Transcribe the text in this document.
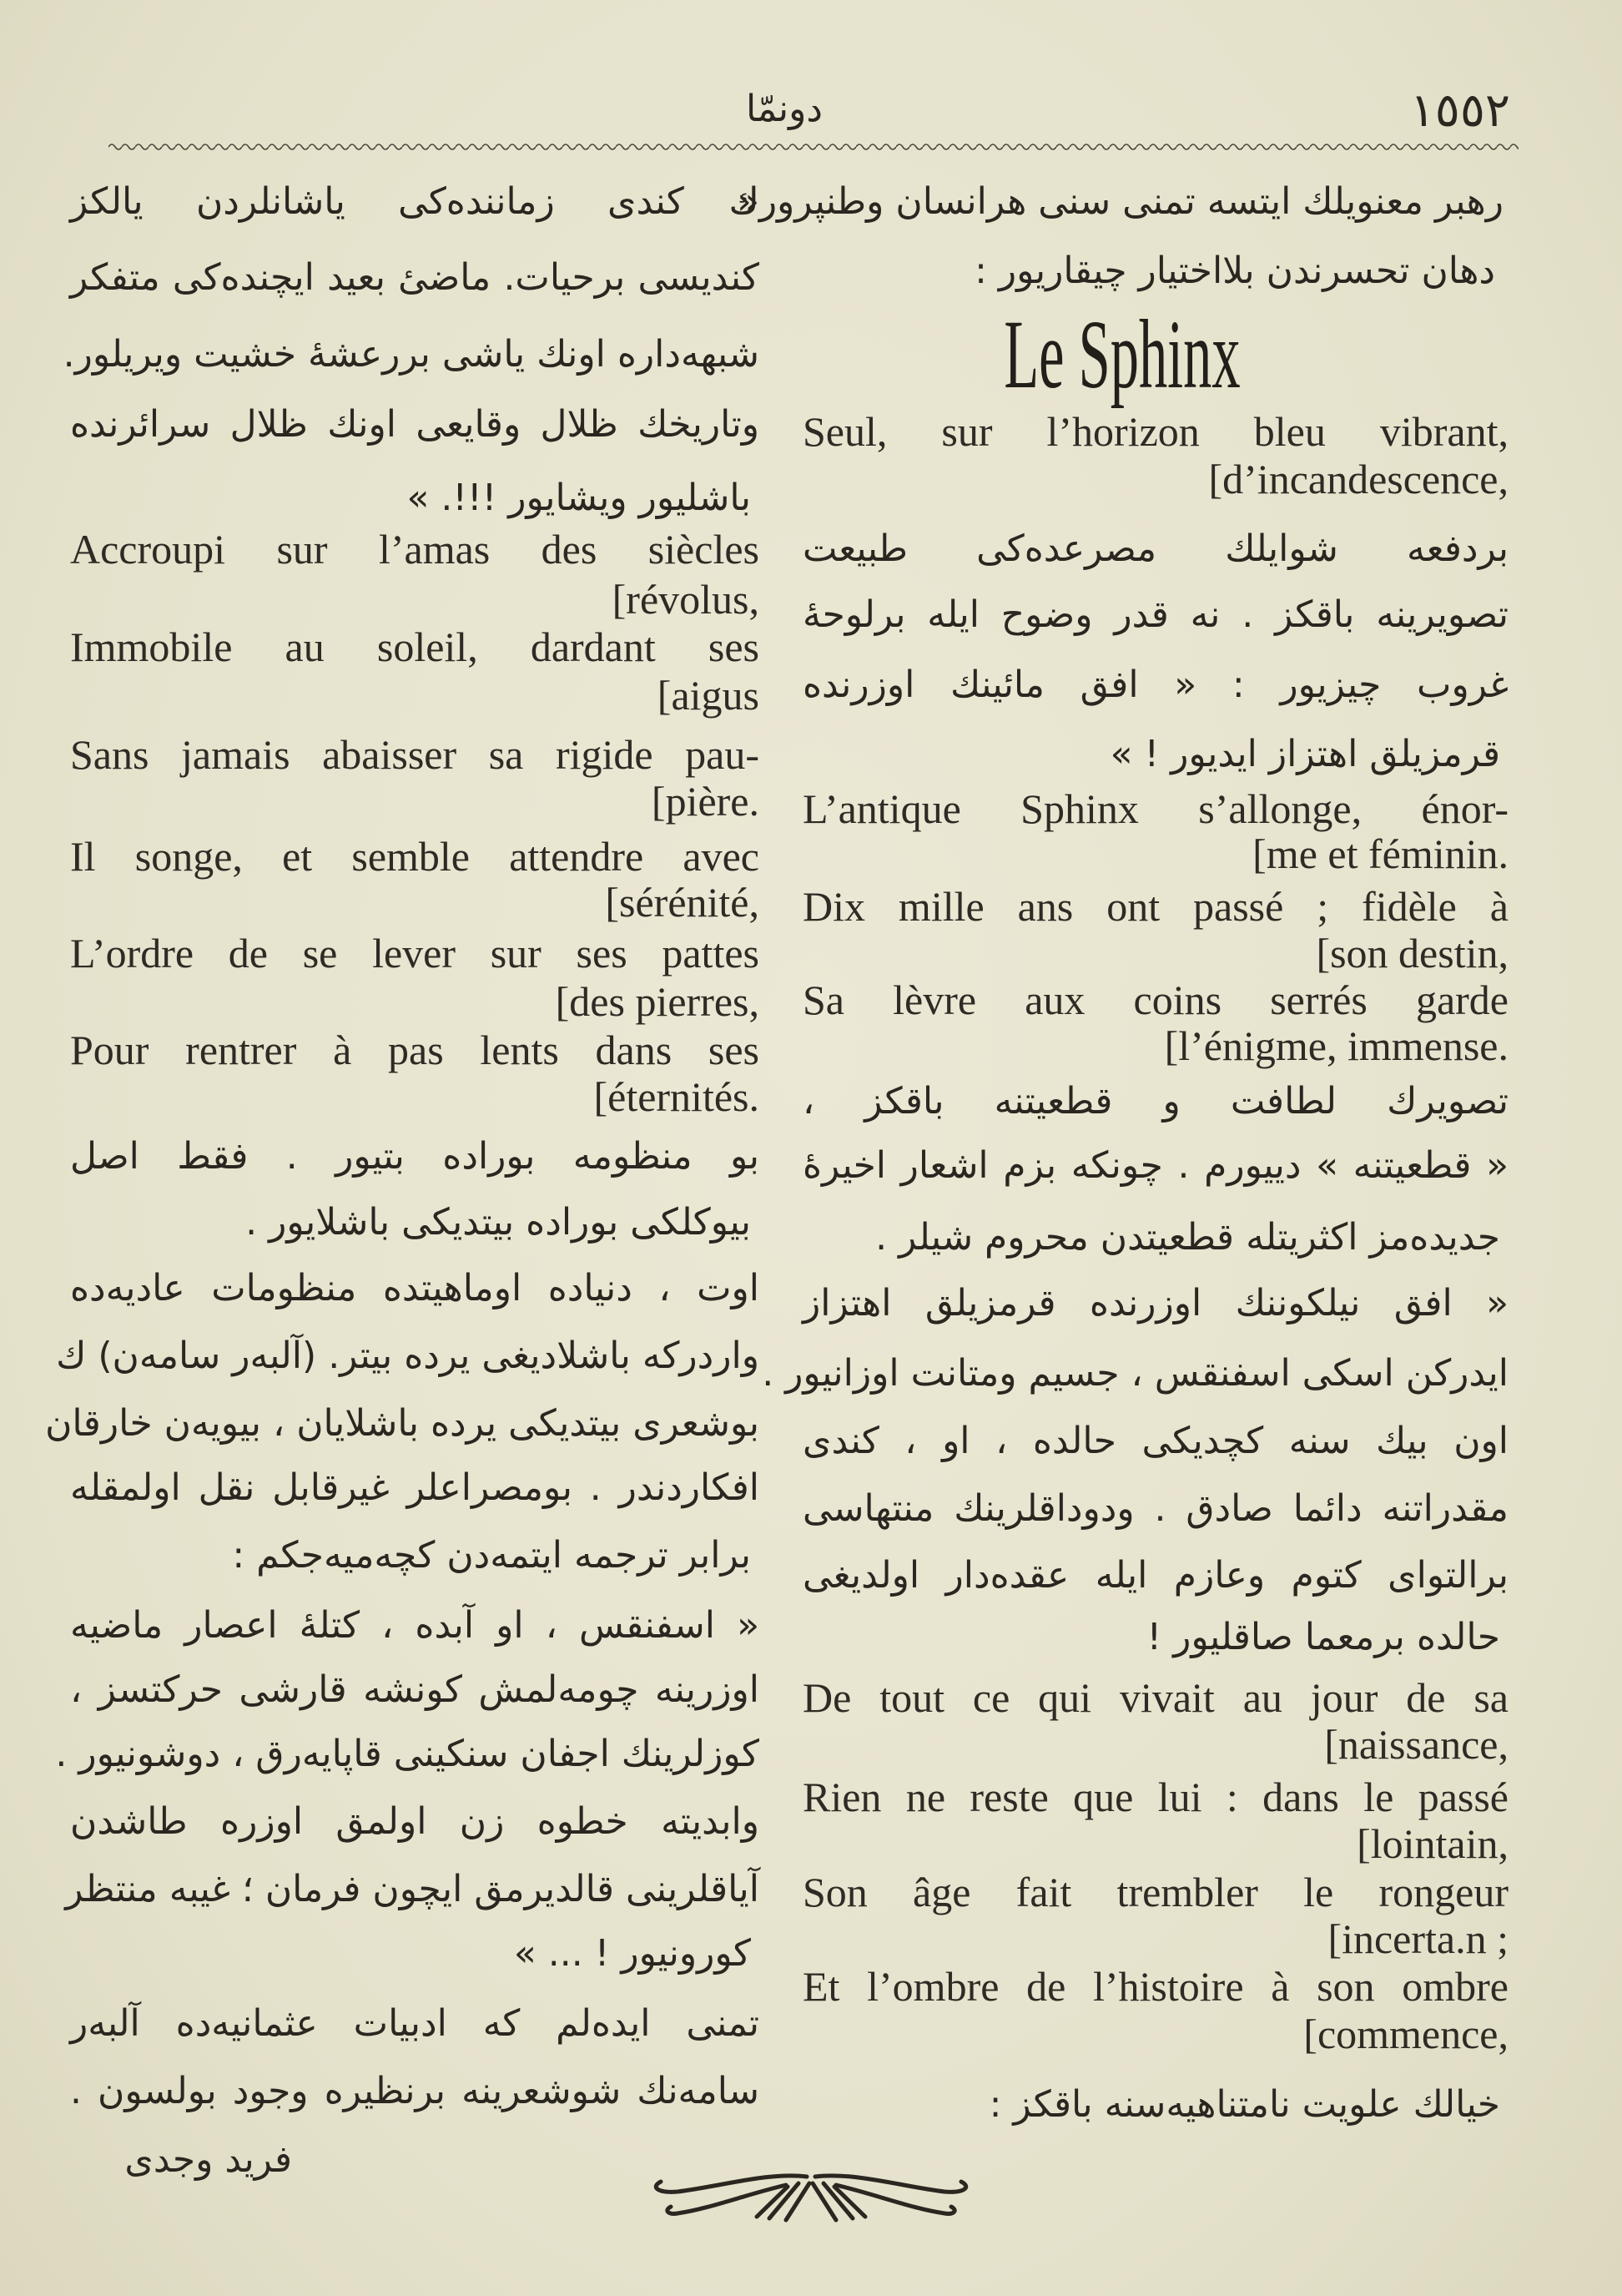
١٥٥٢
دونمّا
« كندى زماننده‌كى ياشانلردن يالكز
كنديسى برحيات. ماضىٔ بعيد ايچنده‌كى متفكر
شبهه‌داره اونك ياشى بررعشهٔ خشيت ويريلور.
وتاريخك ظلال وقايعى اونك ظلال سرائرنده
باشليور ويشايور !!!. »
Accroupi sur l’amas des siècles
[révolus,
Immobile au soleil, dardant ses
[aigus
Sans jamais abaisser sa rigide pau-
[pière.
Il songe, et semble attendre avec
[sérénité,
L’ordre de se lever sur ses pattes
[des pierres,
Pour rentrer à pas lents dans ses
[éternités.
بو منظومه بوراده بتيور . فقط اصل
بيوكلكى بوراده بيتديكى باشلايور .
اوت ، دنياده اوماهيتده منظومات عاديه‌ده
واردركه باشلاديغى يرده بيتر. (آلبه‌ر سامه‌ن) ك
بوشعرى بيتديكى يرده باشلايان ، بيويه‌ن خارقان
افكاردندر . بومصراعلر غيرقابل نقل اولمقله
برابر ترجمه ايتمه‌دن كچه‌ميه‌جكم :
« اسفنقس ، او آبده ، كتلهٔ اعصار ماضيه
اوزرينه چومه‌لمش كونشه قارشى حركتسز ،
كوزلرينك اجفان سنكينى قاپايه‌رق ، دوشونيور .
وابديته خطوه زن اولمق اوزره طاشدن
آياقلرينى قالديرمق ايچون فرمان ؛ غيبه منتظر
كورونيور ! ... »
تمنى ايده‌لم كه ادبيات عثمانيه‌ده آلبه‌ر
سامه‌نك شوشعرينه برنظيره وجود بولسون .
رهبر معنويلك ايتسه تمنى سنى هرانسان وطنپرورك
دهان تحسرندن بلااختيار چيقاريور :
Seul, sur l’horizon bleu vibrant,
[d’incandescence,
بردفعه شوايلك مصرعده‌كى طبيعت
تصويرينه باقكز . نه قدر وضوح ايله برلوحهٔ
غروب چيزيور : « افق مائينك اوزرنده
قرمزيلق اهتزاز ايديور ! »
L’antique Sphinx s’allonge, énor-
[me et féminin.
Dix mille ans ont passé ; fidèle à
[son destin,
Sa lèvre aux coins serrés garde
[l’énigme, immense.
تصويرك لطافت و قطعيتنه باقكز ،
« قطعيتنه » دييورم . چونكه بزم اشعار اخيرهٔ
جديده‌مز اكثريتله قطعيتدن محروم شيلر .
« افق نيلكوننك اوزرنده قرمزيلق اهتزاز
ايدركن اسكى اسفنقس ، جسيم ومتانت اوزانيور .
اون بيك سنه كچديكى حالده ، او ، كندى
مقدراتنه دائما صادق . ودوداقلرينك منتهاسى
برالتواى كتوم وعازم ايله عقده‌دار اولديغى
حالده برمعما صاقليور !
De tout ce qui vivait au jour de sa
[naissance,
Rien ne reste que lui : dans le passé
[lointain,
Son âge fait trembler le rongeur
[incerta.n ;
Et l’ombre de l’histoire à son ombre
[commence,
خيالك علويت نامتناهيه‌سنه باقكز :
Le Sphinx
فريد وجدى
